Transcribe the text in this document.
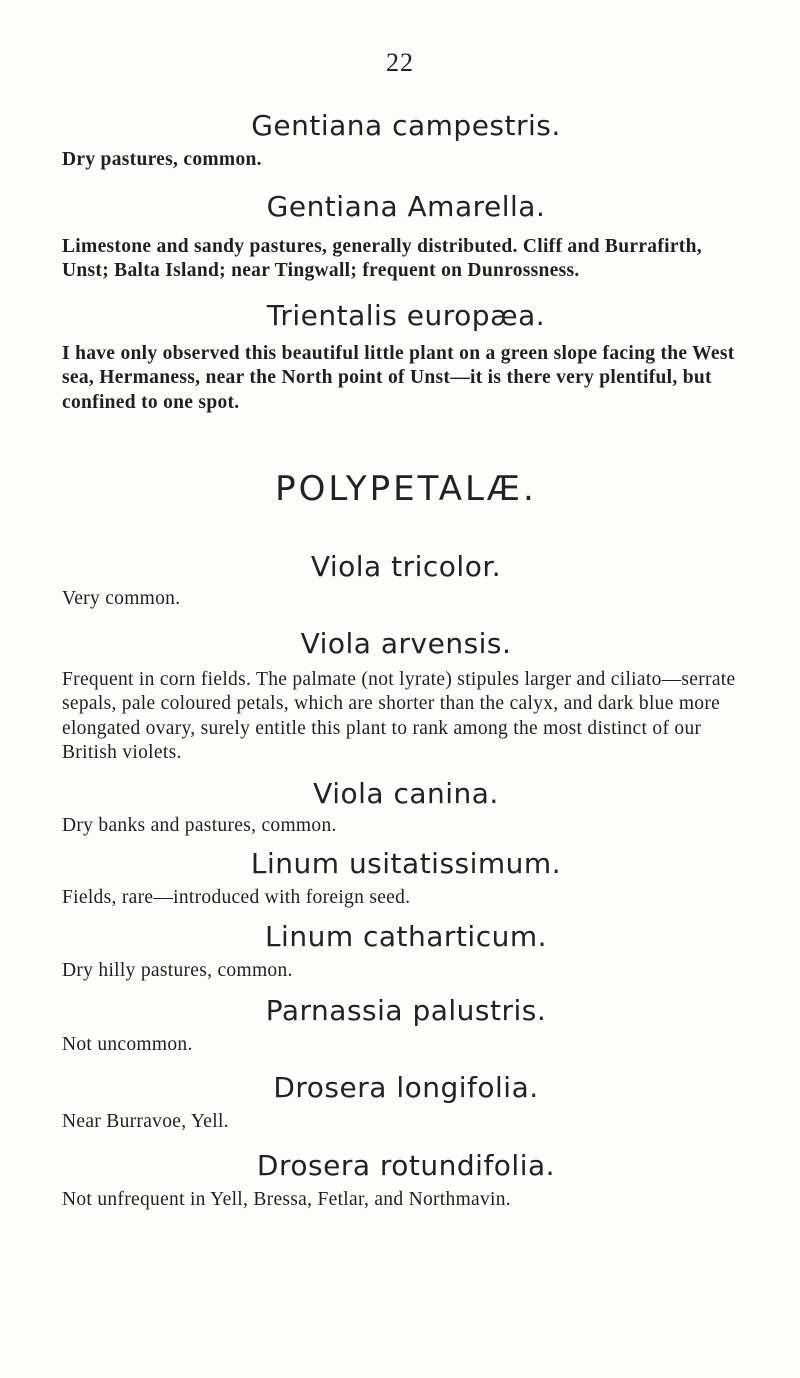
22
Gentiana campestris.
Dry pastures, common.
Gentiana Amarella.
Limestone and sandy pastures, generally distributed. Cliff and Burrafirth, Unst; Balta Island; near Tingwall; frequent on Dunrossness.
Trientalis europæa.
I have only observed this beautiful little plant on a green slope facing the West sea, Hermaness, near the North point of Unst—it is there very plentiful, but confined to one spot.
POLYPETALÆ.
Viola tricolor.
Very common.
Viola arvensis.
Frequent in corn fields. The palmate (not lyrate) stipules larger and ciliato—serrate sepals, pale coloured petals, which are shorter than the calyx, and dark blue more elongated ovary, surely entitle this plant to rank among the most distinct of our British violets.
Viola canina.
Dry banks and pastures, common.
Linum usitatissimum.
Fields, rare—introduced with foreign seed.
Linum catharticum.
Dry hilly pastures, common.
Parnassia palustris.
Not uncommon.
Drosera longifolia.
Near Burravoe, Yell.
Drosera rotundifolia.
Not unfrequent in Yell, Bressa, Fetlar, and Northmavin.
